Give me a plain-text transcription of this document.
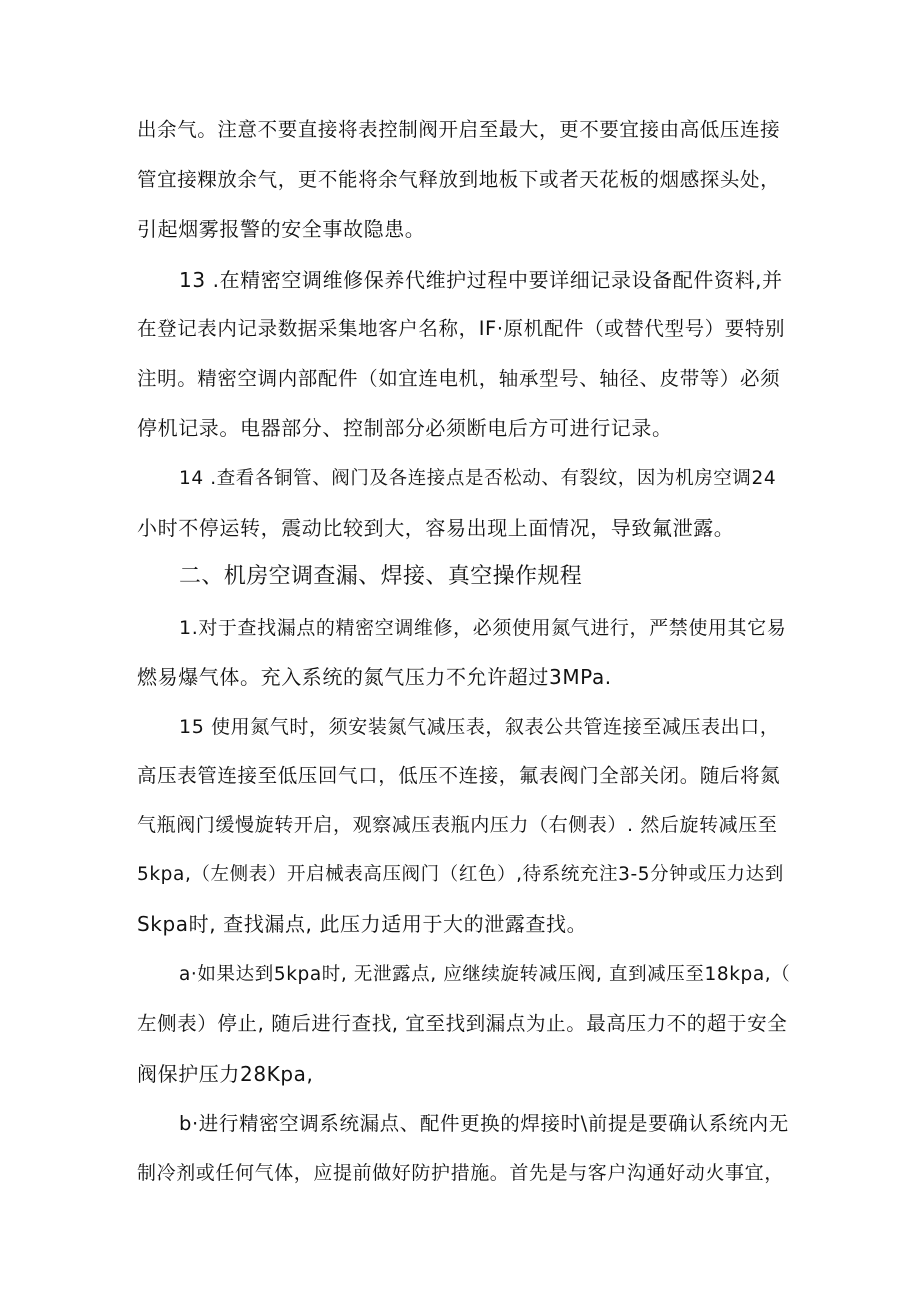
出余气。注意不要直接将表控制阀开启至最大，更不要宜接由高低压连接
管宜接粿放余气，更不能将余气释放到地板下或者天花板的烟感探头处，
引起烟雾报警的安全事故隐患。
13 .在精密空调维修保养代维护过程中要详细记录设备配件资料,并
在登记表内记录数据采集地客户名称，IF·原机配件（或替代型号）要特别
注明。精密空调内部配件（如宜连电机，轴承型号、轴径、皮带等）必须
停机记录。电器部分、控制部分必须断电后方可进行记录。
14 .查看各铜管、阀门及各连接点是否松动、有裂纹，因为机房空调24
小时不停运转，震动比较到大，容易出现上面情况，导致氟泄露。
二、机房空调查漏、焊接、真空操作规程
1.对于查找漏点的精密空调维修，必须使用氮气进行，严禁使用其它易
燃易爆气体。充入系统的氮气压力不允许超过3MPa.
15 使用氮气时，须安装氮气减压表，叙表公共管连接至减压表出口，
高压表管连接至低压回气口，低压不连接，氟表阀门全部关闭。随后将氮
气瓶阀门缓慢旋转开启，观察减压表瓶内压力（右侧表）. 然后旋转减压至
5kpa,（左侧表）开启械表高压阀门（红色）,待系统充注3-5分钟或压力达到
Skpa时, 查找漏点, 此压力适用于大的泄露查找。
a·如果达到5kpa时, 无泄露点, 应继续旋转减压阀, 直到减压至18kpa,（
左侧表）停止, 随后进行查找, 宜至找到漏点为止。最高压力不的超于安全
阀保护压力28Kpa,
b·进行精密空调系统漏点、配件更换的焊接时\前提是要确认系统内无
制冷剂或任何气体，应提前做好防护措施。首先是与客户沟通好动火事宜，
